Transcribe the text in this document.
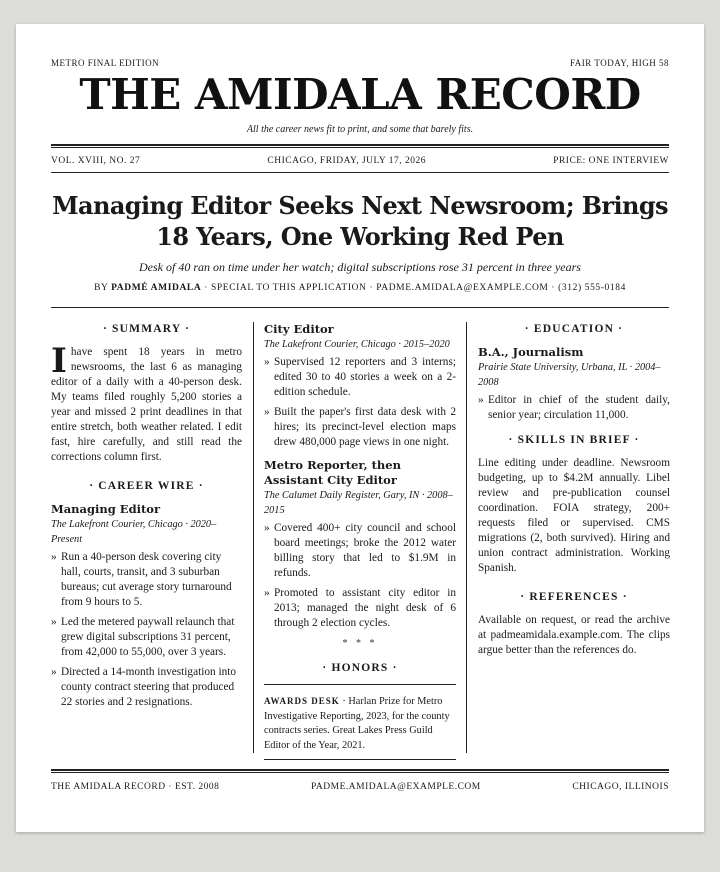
METRO FINAL EDITION	FAIR TODAY, HIGH 58
THE AMIDALA RECORD
All the career news fit to print, and some that barely fits.
VOL. XVIII, NO. 27	CHICAGO, FRIDAY, JULY 17, 2026	PRICE: ONE INTERVIEW
Managing Editor Seeks Next Newsroom; Brings
18 Years, One Working Red Pen
Desk of 40 ran on time under her watch; digital subscriptions rose 31 percent in three years
BY PADMÉ AMIDALA · SPECIAL TO THIS APPLICATION · PADME.AMIDALA@EXAMPLE.COM · (312) 555-0184
· SUMMARY ·

I have spent 18 years in metro newsrooms, the last 6 as managing editor of a daily with a 40-person desk. My teams filed roughly 5,200 stories a year and missed 2 print deadlines in that entire stretch, both weather related. I edit fast, hire carefully, and still read the corrections column first.

· CAREER WIRE ·
Managing Editor
The Lakefront Courier, Chicago · 2020–Present
» Run a 40-person desk covering city hall, courts, transit, and 3 suburban bureaus; cut average story turnaround from 9 hours to 5.
» Led the metered paywall relaunch that grew digital subscriptions 31 percent, from 42,000 to 55,000, over 3 years.
» Directed a 14-month investigation into county contract steering that produced 22 stories and 2 resignations.
City Editor
The Lakefront Courier, Chicago · 2015–2020
» Supervised 12 reporters and 3 interns; edited 30 to 40 stories a week on a 2-edition schedule.
» Built the paper's first data desk with 2 hires; its precinct-level election maps drew 480,000 page views in one night.
Metro Reporter, then Assistant City Editor
The Calumet Daily Register, Gary, IN · 2008–2015
» Covered 400+ city council and school board meetings; broke the 2012 water billing story that led to $1.9M in refunds.
» Promoted to assistant city editor in 2013; managed the night desk of 6 through 2 election cycles.
* * *
· HONORS ·
AWARDS DESK · Harlan Prize for Metro Investigative Reporting, 2023, for the county contracts series. Great Lakes Press Guild Editor of the Year, 2021.
· EDUCATION ·
B.A., Journalism
Prairie State University, Urbana, IL · 2004–2008
» Editor in chief of the student daily, senior year; circulation 11,000.
· SKILLS IN BRIEF ·

Line editing under deadline. Newsroom budgeting, up to $4.2M annually. Libel review and pre-publication counsel coordination. FOIA strategy, 200+ requests filed or supervised. CMS migrations (2, both survived). Hiring and union contract administration. Working Spanish.

· REFERENCES ·

Available on request, or read the archive at padmeamidala.example.com. The clips argue better than the references do.

THE AMIDALA RECORD · EST. 2008	PADME.AMIDALA@EXAMPLE.COM	CHICAGO, ILLINOIS
